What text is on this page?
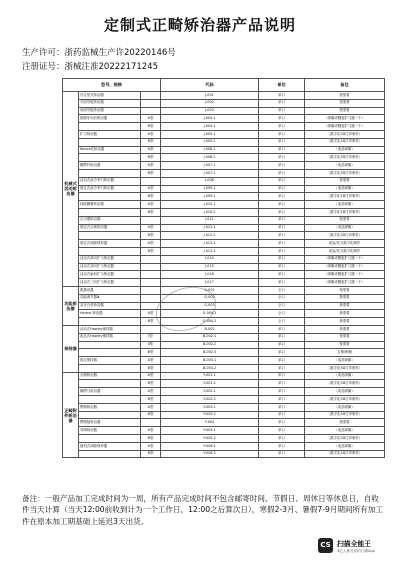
定制式正畸矫治器产品说明
生产许可：浙药监械生产许20220146号
注册证号：浙械注准20222171245
型号、规格			代码	单位	备注
机械式活动矫治器	牙合垫式矫治器		J-001	单口	按需要
	平面导板矫治器		J-002	单口	按需要
	斜面导板矫治器		J-003	单口	按需要
	推磨牙向后矫治器	A型	J-004.1	单口	（弹簧或螺旋扩弓器一个）
		B型	J-004.2	单口	（弹簧或螺旋扩弓器一个）
	扩弓矫治器	A型	J-005.1	单口	（数字化3D打印制作）
		B型	J-005.2	单口	（数字化3D打印制作）
	Nance托矫治器	A型	J-006.1	单口	（成品弹簧）
		B型	J-006.2	单口	（数字化3D打印制作）
	横腭杆矫治器	A型	J-007.1	单口	（成品弹簧）
		B型	J-007.2	单口	（数字化3D打印制作）
	活动式前方牵引矫治器		J-008	单口	按需要
	固定式前方牵引矫治器	A型	J-009.1	单口	（成品弹簧）
		B型	J-009.2	单口	（数字化3D打印制作）
	四眼圈簧矫治器	A型	J-010.1	单口	（成品弹簧）
		B型	J-010.2	单口	（数字化3D打印制作）
	舌习惯矫治器		J-011	单口	按需要
	固定式舌刺矫治器	A型	J-012.1	单口	（成品弹簧）
		B型	J-012.2	单口	（数字化3D打印制作）
	固定式间隙保持器	A型	J-013.1	单口	成品/托式数字化制作
		B型	J-013.2	单口	成品/托式数字化制作
	活动式单向扩弓矫治器		J-014	单口	（弹簧或螺旋扩弓器一个）
	活动式双向扩弓矫治器		J-015	单口	（弹簧或螺旋扩弓器一个）
	活动式扇形扩弓矫治器		J-016	单口	（弹簧或螺旋扩弓器一个）
	活动式三向扩弓矫治器		J-017	单口	（弹簧或螺旋扩弓器一个）
功能矫治器	肌激动器		G-001	全口	按需要
	功能调节器Ⅲ		G-002	全口	按需要
	双牙合垫矫治器		G-003	全口	按需要
	Herbst 矫治器	A型	G-004.1	全口	按需要
		B型	G-004.2	全口	按需要
保持器	活动式Hawley保持器		B-001	单口	按需要
	改良式Hawley保持器	Ⅰ型	B-002.1	单口	按需要
		Ⅱ型	B-002.2	单口	按需要
		Ⅲ型	B-002.3	单口	舌侧/颊侧
	固定保持器	A型	B-003.1	单口	（成品弹簧）
		B型	B-003.2	单口	（数字化3D打印制作）
正畸附件矫治器	舌侧矫治器	A型	Y-001.1	单口	（成品弹簧）
		B型	Y-001.2	单口	（数字化3D打印制作）
	横腭弓矫治器	A型	Y-002.1	单口	（成品弹簧）
		B型	Y-002.2	单口	（数字化3D打印制作）
	腭侧矫治器	A型	Y-003.1	单口	（成品弹簧）
		B型	Y-003.2	单口	（数字化3D打印制作）
	腭侧板矫治器		Y-004	单口	按需要
	导萌矫治器	A型	Y-005.1	单口	（成品弹簧）
		B型	Y-005.2	单口	（数字化3D打印制作）
	唇挡式间隙保持器	A型	Y-006.1	单口	（成品弹簧）
		B型	Y-006.2	单口	（数字化3D打印制作）
备注：一般产品加工完成时间为一周，所有产品完成时间不包含邮寄时间、节假日、周休日等休息日，自收件当天计算（当天12:00前收到计为一个工作日，12:00之后算次日），寒假2-3月、暑假7-9月期间所有加工件在原本加工期基础上延迟3天出货。
CS 扫描全能王
3亿人都在用的扫描App
